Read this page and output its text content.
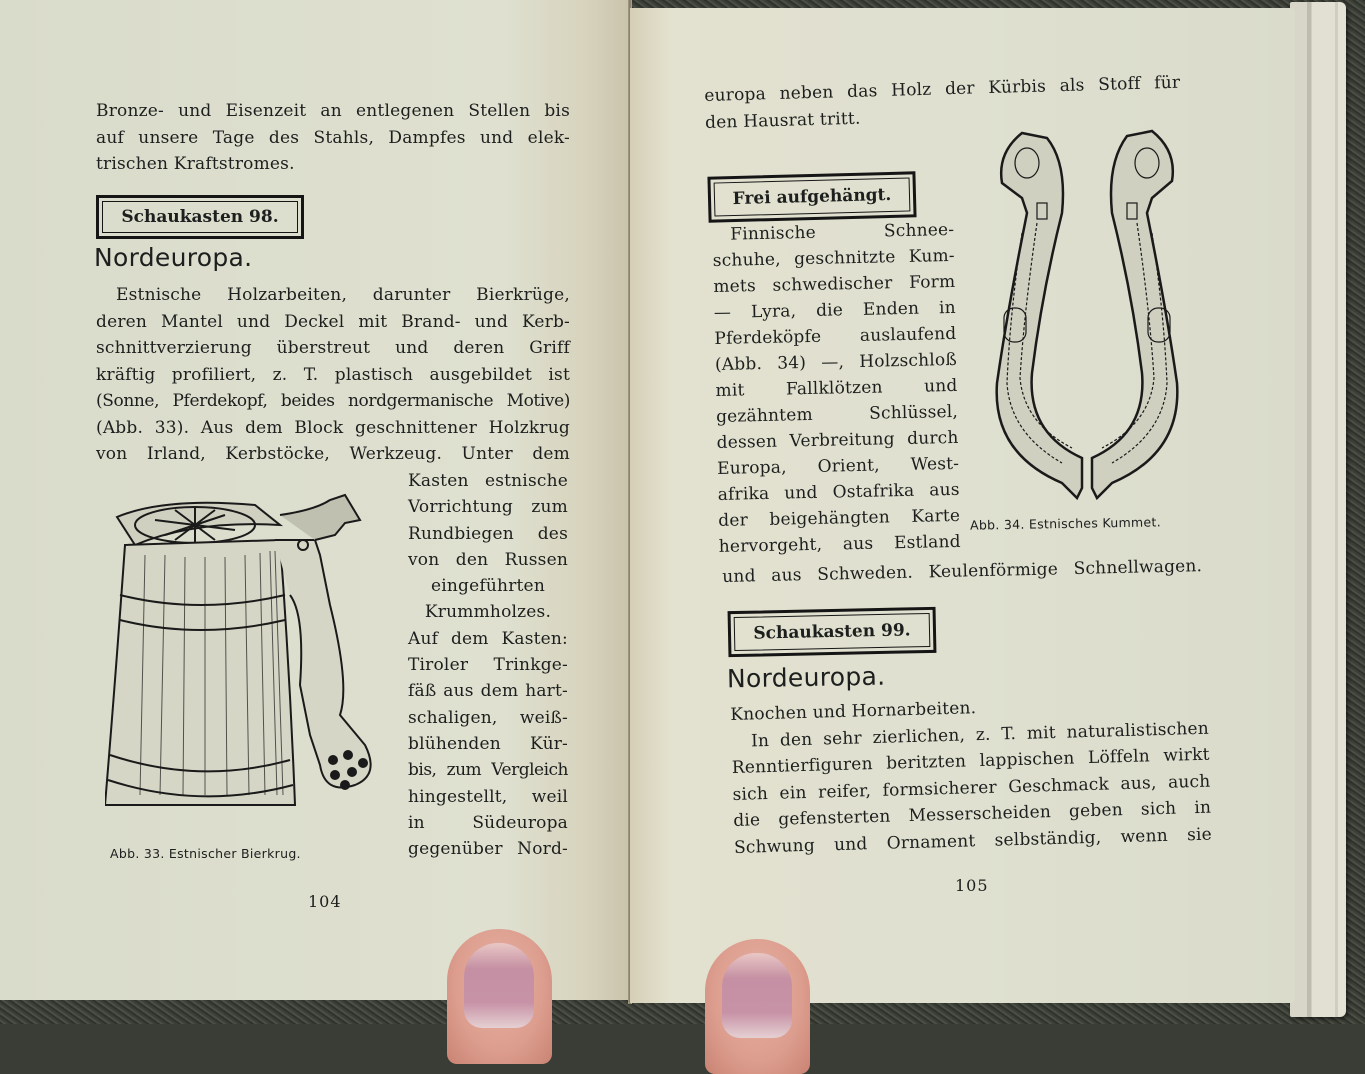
Bronze- und Eisenzeit an entlegenen Stellen bis
auf unsere Tage des Stahls, Dampfes und elek-
trischen Kraftstromes.
Schaukasten 98.
Nordeuropa.
Estnische Holzarbeiten, darunter Bierkrüge,
deren Mantel und Deckel mit Brand- und Kerb-
schnittverzierung überstreut und deren Griff
kräftig profiliert, z. T. plastisch ausgebildet ist
(Sonne, Pferdekopf, beides nordgermanische Motive)
(Abb. 33). Aus dem Block geschnittener Holzkrug
von Irland, Kerbstöcke, Werkzeug. Unter dem
Kasten estnische
Vorrichtung zum
Rundbiegen des
von den Russen
eingeführten
Krummholzes.
Auf dem Kasten:
Tiroler Trinkge-
fäß aus dem hart-
schaligen, weiß-
blühenden Kür-
bis, zum Vergleich
hingestellt, weil
in Südeuropa
gegenüber Nord-
Abb. 33. Estnischer Bierkrug.
104
europa neben das Holz der Kürbis als Stoff für
den Hausrat tritt.
Frei aufgehängt.
Finnische Schnee-
schuhe, geschnitzte Kum-
mets schwedischer Form
— Lyra, die Enden in
Pferdeköpfe auslaufend
(Abb. 34) —, Holzschloß
mit Fallklötzen und
gezähntem Schlüssel,
dessen Verbreitung durch
Europa, Orient, West-
afrika und Ostafrika aus
der beigehängten Karte
hervorgeht, aus Estland
und aus Schweden. Keulenförmige Schnellwagen.
Abb. 34. Estnisches Kummet.
Schaukasten 99.
Nordeuropa.
Knochen und Hornarbeiten.
In den sehr zierlichen, z. T. mit naturalistischen
Renntierfiguren beritzten lappischen Löffeln wirkt
sich ein reifer, formsicherer Geschmack aus, auch
die gefensterten Messerscheiden geben sich in
Schwung und Ornament selbständig, wenn sie
105
